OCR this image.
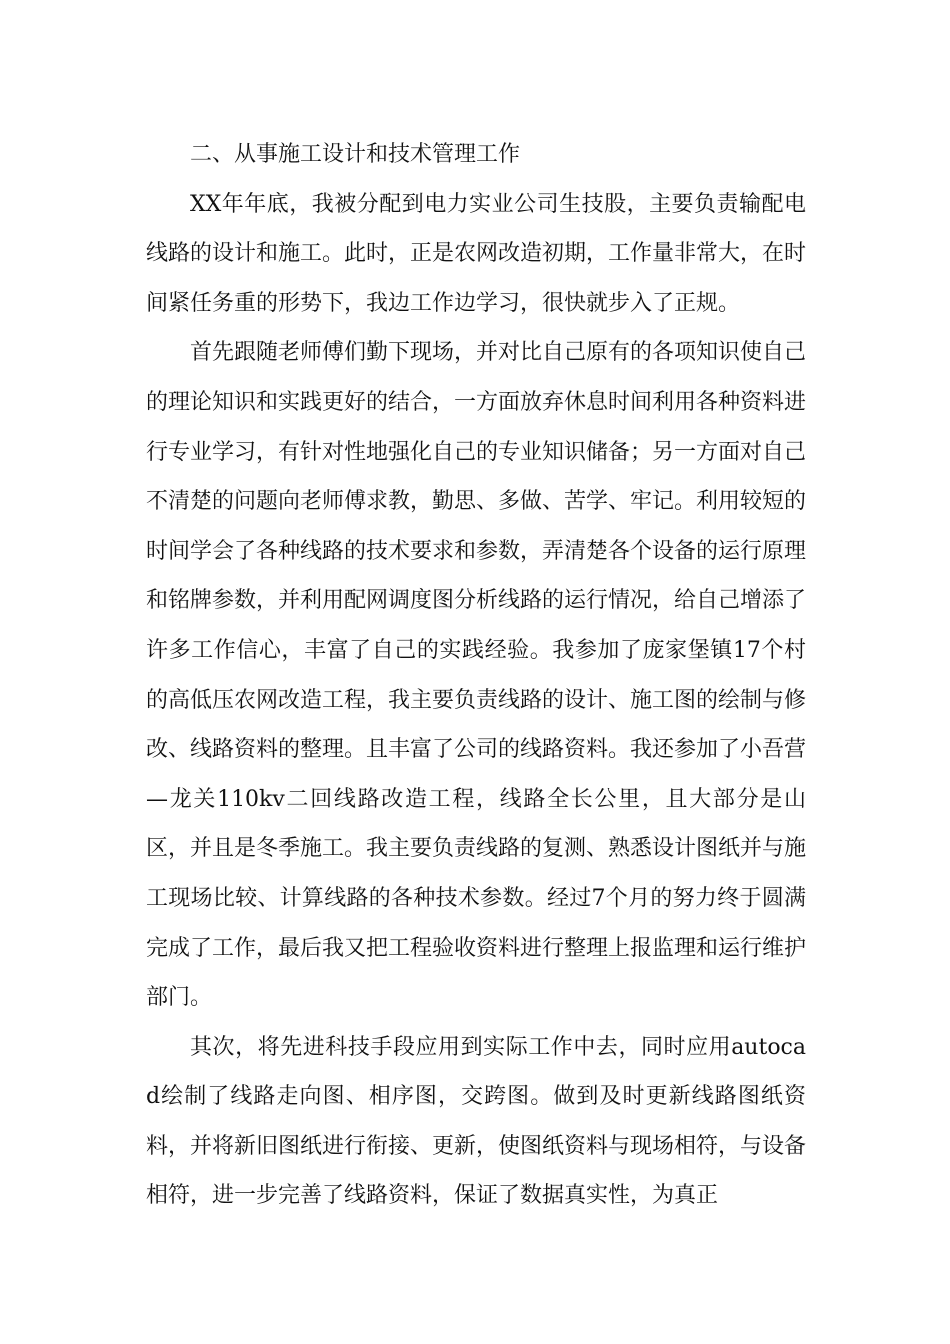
二、从事施工设计和技术管理工作

XX年年底，我被分配到电力实业公司生技股，主要负责输配电线路的设计和施工。此时，正是农网改造初期，工作量非常大，在时间紧任务重的形势下，我边工作边学习，很快就步入了正规。

首先跟随老师傅们勤下现场，并对比自己原有的各项知识使自己的理论知识和实践更好的结合，一方面放弃休息时间利用各种资料进行专业学习，有针对性地强化自己的专业知识储备；另一方面对自己不清楚的问题向老师傅求教，勤思、多做、苦学、牢记。利用较短的时间学会了各种线路的技术要求和参数，弄清楚各个设备的运行原理和铭牌参数，并利用配网调度图分析线路的运行情况，给自己增添了许多工作信心，丰富了自己的实践经验。我参加了庞家堡镇17个村的高低压农网改造工程，我主要负责线路的设计、施工图的绘制与修改、线路资料的整理。且丰富了公司的线路资料。我还参加了小吾营—龙关110kv二回线路改造工程，线路全长公里，且大部分是山区，并且是冬季施工。我主要负责线路的复测、熟悉设计图纸并与施工现场比较、计算线路的各种技术参数。经过7个月的努力终于圆满完成了工作，最后我又把工程验收资料进行整理上报监理和运行维护部门。

其次，将先进科技手段应用到实际工作中去，同时应用autocad绘制了线路走向图、相序图，交跨图。做到及时更新线路图纸资料，并将新旧图纸进行衔接、更新，使图纸资料与现场相符，与设备相符，进一步完善了线路资料，保证了数据真实性，为真正
